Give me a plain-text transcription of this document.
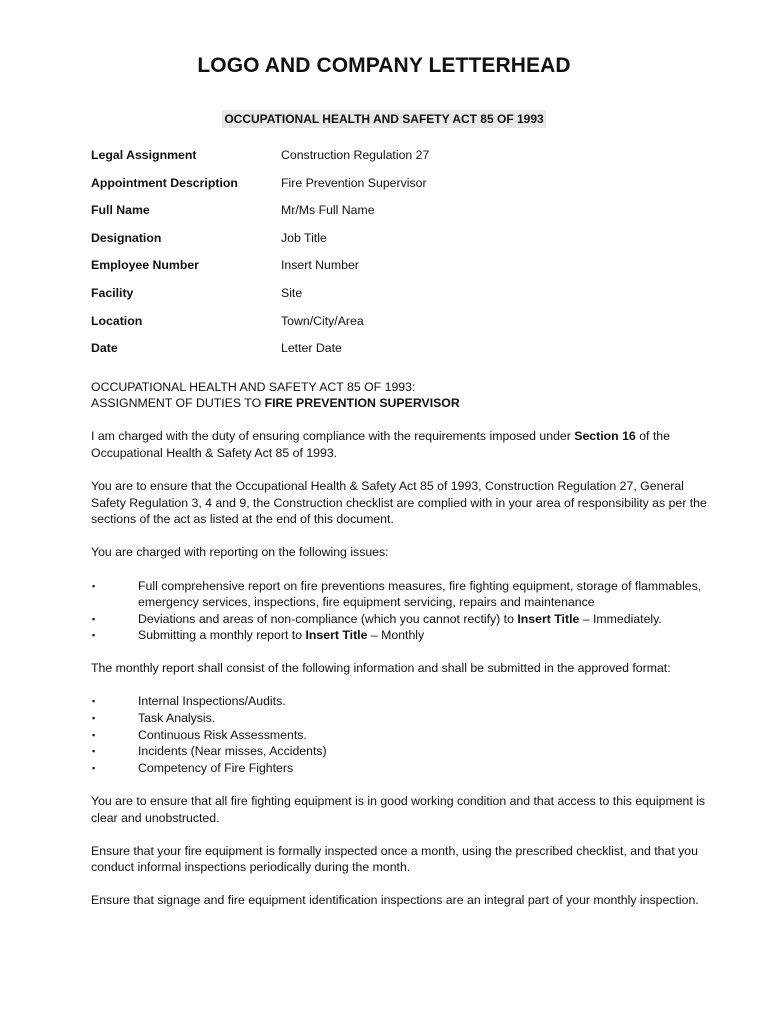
LOGO AND COMPANY LETTERHEAD
OCCUPATIONAL HEALTH AND SAFETY ACT 85 OF 1993
Legal Assignment	Construction Regulation 27
Appointment Description	Fire Prevention Supervisor
Full Name	Mr/Ms Full Name
Designation	Job Title
Employee Number	Insert Number
Facility	Site
Location	Town/City/Area
Date	Letter Date

OCCUPATIONAL HEALTH AND SAFETY ACT 85 OF 1993:
ASSIGNMENT OF DUTIES TO FIRE PREVENTION SUPERVISOR

I am charged with the duty of ensuring compliance with the requirements imposed under Section 16 of the Occupational Health & Safety Act 85 of 1993.

You are to ensure that the Occupational Health & Safety Act 85 of 1993, Construction Regulation 27, General Safety Regulation 3, 4 and 9, the Construction checklist are complied with in your area of responsibility as per the sections of the act as listed at the end of this document.

You are charged with reporting on the following issues:

▪	Full comprehensive report on fire preventions measures, fire fighting equipment, storage of flammables, emergency services, inspections, fire equipment servicing, repairs and maintenance
▪	Deviations and areas of non-compliance (which you cannot rectify) to Insert Title – Immediately.
▪	Submitting a monthly report to Insert Title – Monthly

The monthly report shall consist of the following information and shall be submitted in the approved format:

▪	Internal Inspections/Audits.
▪	Task Analysis.
▪	Continuous Risk Assessments.
▪	Incidents (Near misses, Accidents)
▪	Competency of Fire Fighters

You are to ensure that all fire fighting equipment is in good working condition and that access to this equipment is clear and unobstructed.

Ensure that your fire equipment is formally inspected once a month, using the prescribed checklist, and that you conduct informal inspections periodically during the month.

Ensure that signage and fire equipment identification inspections are an integral part of your monthly inspection.
